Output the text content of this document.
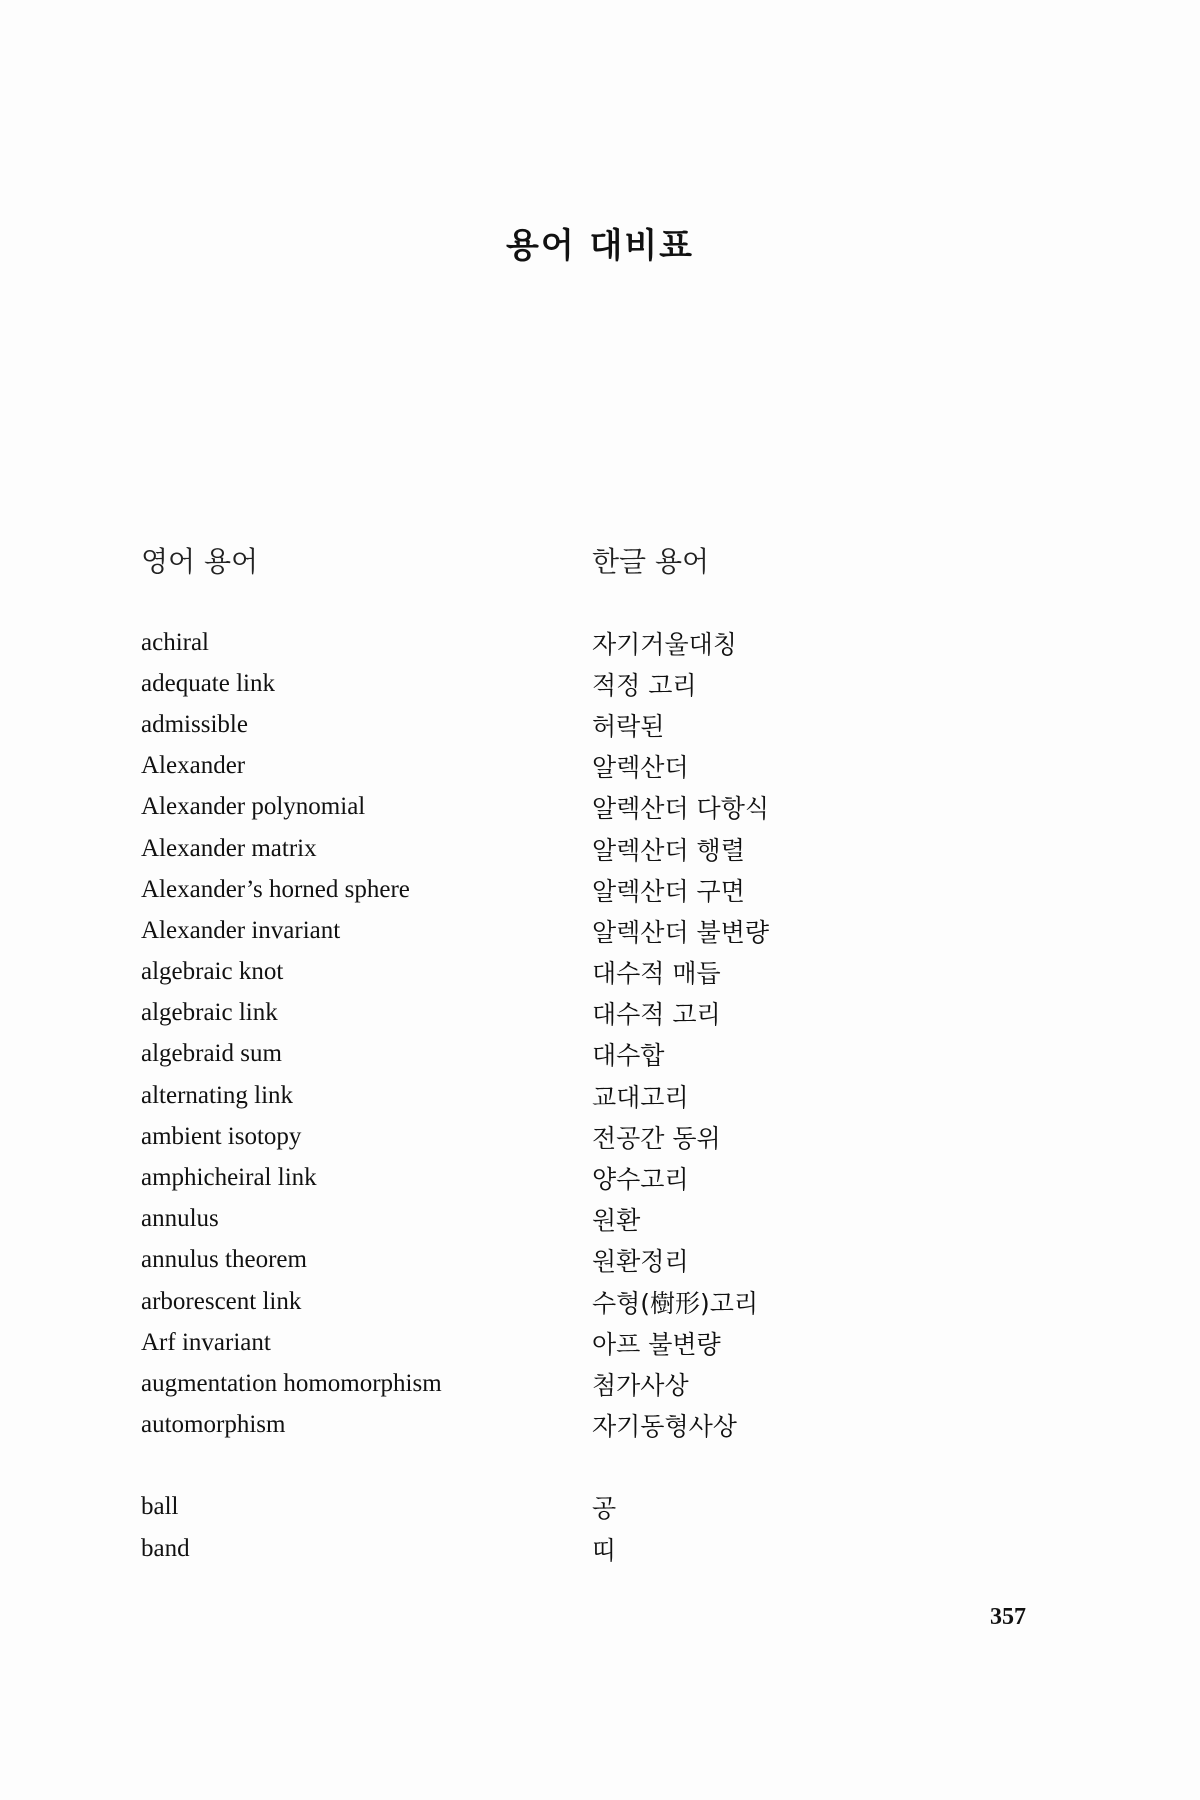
용어 대비표
영어 용어	한글 용어
achiral	자기거울대칭
adequate link	적정 고리
admissible	허락된
Alexander	알렉산더
Alexander polynomial	알렉산더 다항식
Alexander matrix	알렉산더 행렬
Alexander’s horned sphere	알렉산더 구면
Alexander invariant	알렉산더 불변량
algebraic knot	대수적 매듭
algebraic link	대수적 고리
algebraid sum	대수합
alternating link	교대고리
ambient isotopy	전공간 동위
amphicheiral link	양수고리
annulus	원환
annulus theorem	원환정리
arborescent link	수형(樹形)고리
Arf invariant	아프 불변량
augmentation homomorphism	첨가사상
automorphism	자기동형사상
ball	공
band	띠
357
